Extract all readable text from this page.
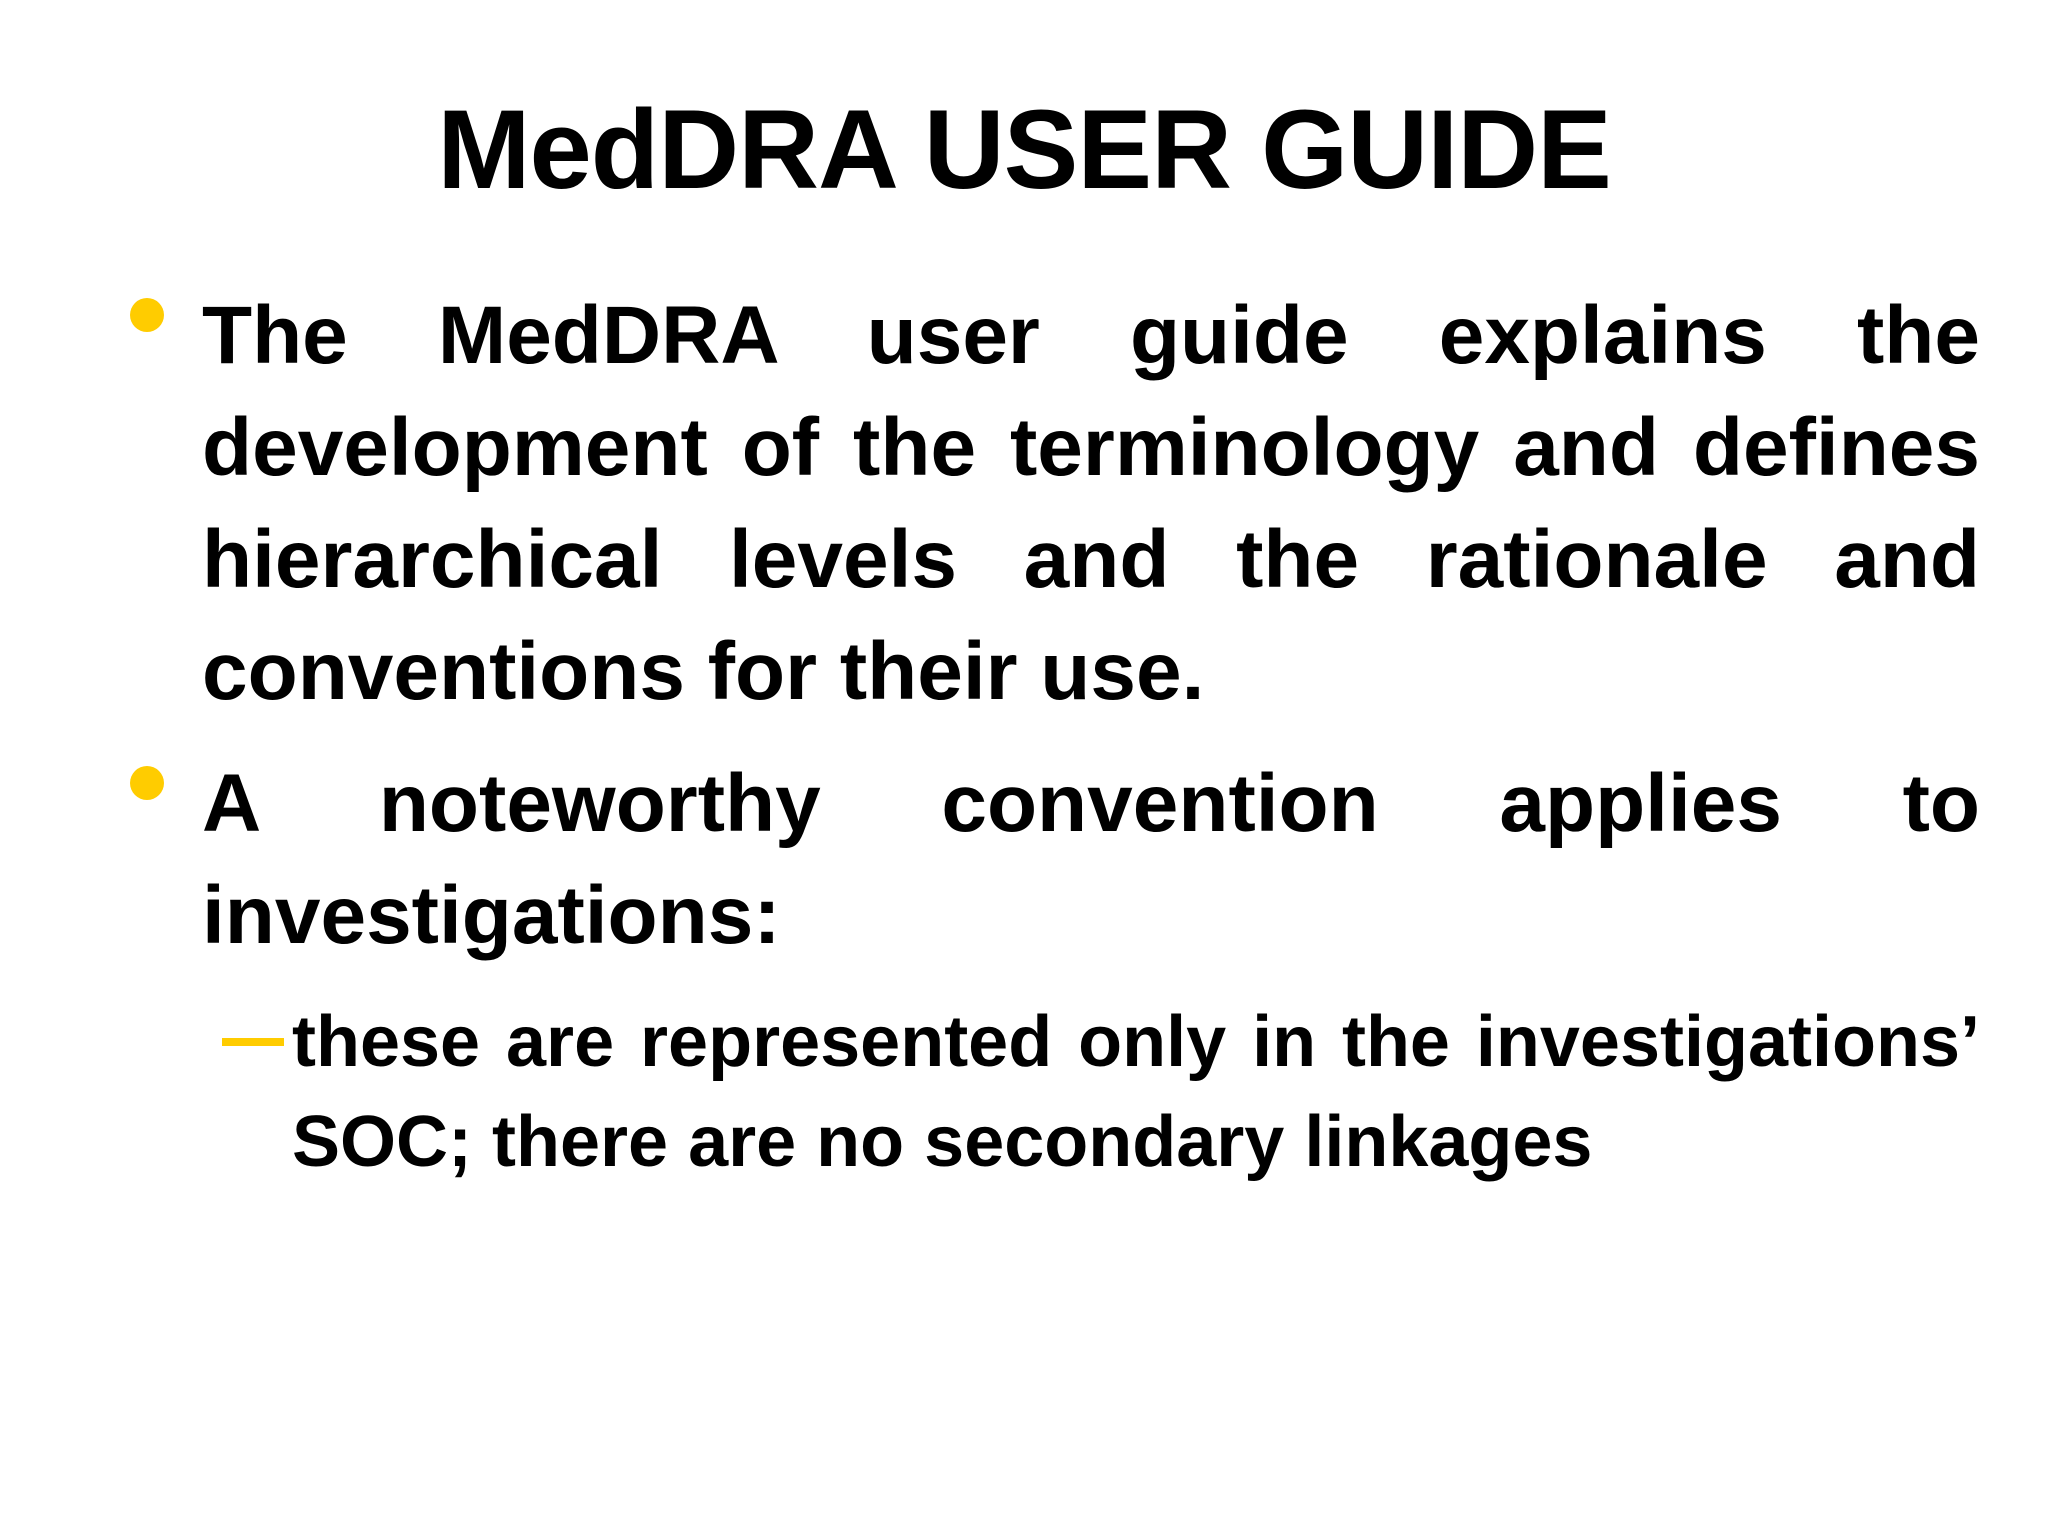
MedDRA USER GUIDE
The MedDRA user guide explains the development of the terminology and defines hierarchical levels and the rationale and conventions for their use.
A noteworthy convention applies to investigations:
these are represented only in the investigations’ SOC; there are no secondary linkages
